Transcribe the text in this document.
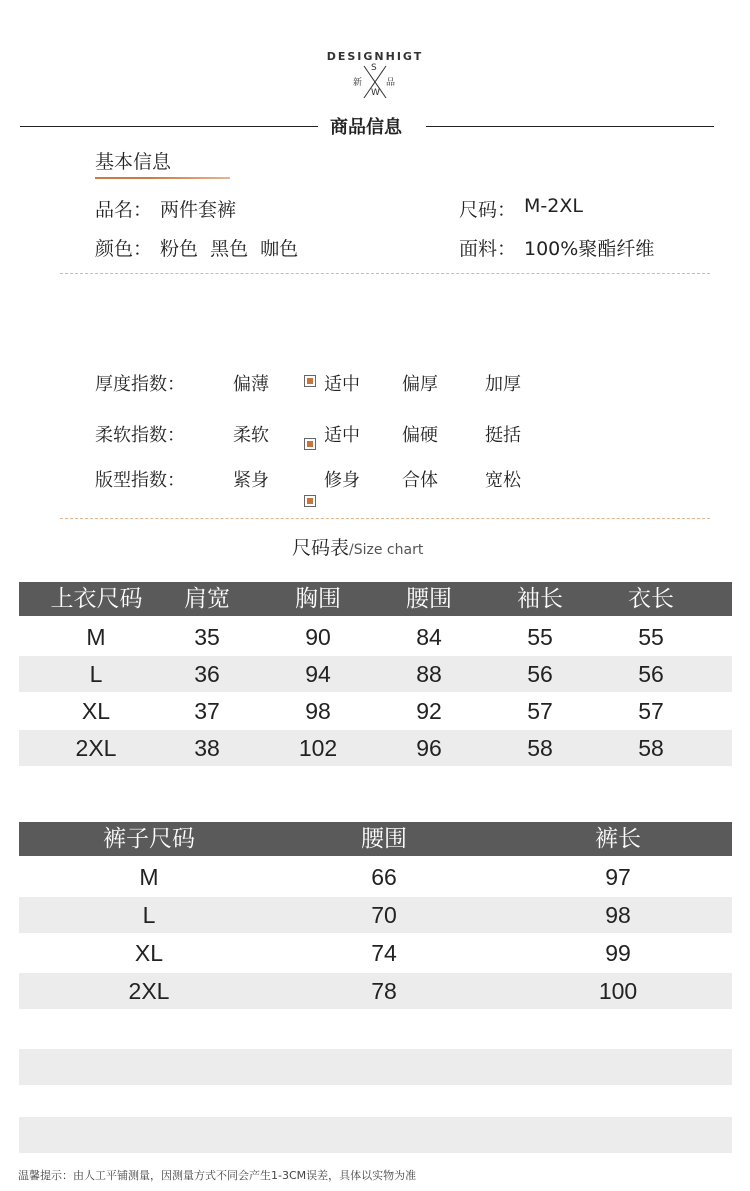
DESIGNHIGT
S
新	品
W
商品信息
基本信息
品名： 两件套裤	尺码： M-2XL
颜色： 粉色  黑色  咖色	面料： 100%聚酯纤维
厚度指数：	偏薄	适中 偏厚	加厚
柔软指数：	柔软	适中 偏硬	挺括
版型指数：	紧身	修身 合体	宽松
尺码表/Size chart
上衣尺码	肩宽	胸围	腰围	袖长	衣长
M	35	90	84	55	55
L	36	94	88	56	56
XL	37	98	92	57	57
2XL	38	102	96	58	58
裤子尺码	腰围	裤长
M	66	97
L	70	98
XL	74	99
2XL	78	100
温馨提示：由人工平铺测量，因测量方式不同会产生1-3CM误差，具体以实物为准
